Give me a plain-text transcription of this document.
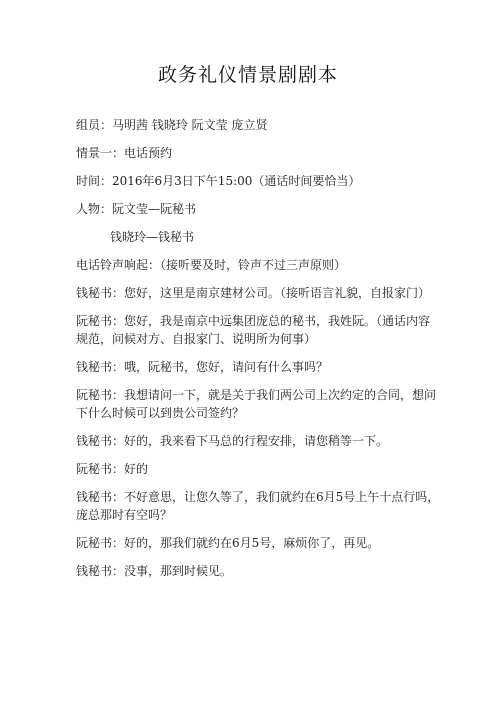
政务礼仪情景剧剧本
组员：马明茜 钱晓玲 阮文莹 庞立贤
情景一：电话预约
时间：2016年6月3日下午15:00（通话时间要恰当）
人物：阮文莹—阮秘书
钱晓玲—钱秘书
电话铃声响起：（接听要及时，铃声不过三声原则）
钱秘书：您好，这里是南京建材公司。（接听语言礼貌，自报家门）
阮秘书：您好，我是南京中远集团庞总的秘书，我姓阮。（通话内容
规范，问候对方、自报家门、说明所为何事）
钱秘书：哦，阮秘书，您好，请问有什么事吗？
阮秘书：我想请问一下，就是关于我们两公司上次约定的合同，想问
下什么时候可以到贵公司签约？
钱秘书：好的，我来看下马总的行程安排，请您稍等一下。
阮秘书：好的
钱秘书：不好意思，让您久等了，我们就约在6月5号上午十点行吗，
庞总那时有空吗？
阮秘书：好的，那我们就约在6月5号，麻烦你了，再见。
钱秘书：没事，那到时候见。
